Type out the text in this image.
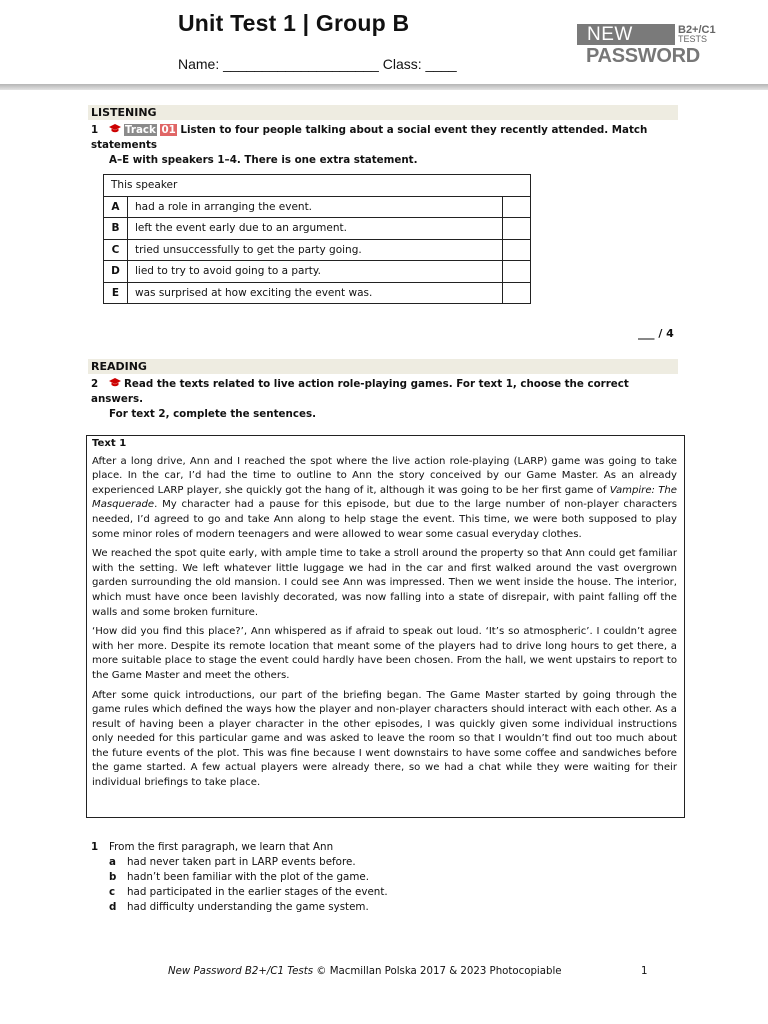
Unit Test 1 | Group B
Name: ____________________ Class: ____
NEW	B2+/C1
TESTS
PASSWORD
LISTENING
1	Track 01 Listen to four people talking about a social event they recently attended. Match statements
A–E with speakers 1–4. There is one extra statement.
This speaker		
A	had a role in arranging the event.	
B	left the event early due to an argument.	
C	tried unsuccessfully to get the party going.	
D	lied to try to avoid going to a party.	
E	was surprised at how exciting the event was.	
___ / 4
READING
2	Read the texts related to live action role-playing games. For text 1, choose the correct answers.
For text 2, complete the sentences.
Text 1

After a long drive, Ann and I reached the spot where the live action role-playing (LARP) game was going to take place. In the car, I’d had the time to outline to Ann the story conceived by our Game Master. As an already experienced LARP player, she quickly got the hang of it, although it was going to be her first game of Vampire: The Masquerade. My character had a pause for this episode, but due to the large number of non-player characters needed, I’d agreed to go and take Ann along to help stage the event. This time, we were both supposed to play some minor roles of modern teenagers and were allowed to wear some casual everyday clothes.

We reached the spot quite early, with ample time to take a stroll around the property so that Ann could get familiar with the setting. We left whatever little luggage we had in the car and first walked around the vast overgrown garden surrounding the old mansion. I could see Ann was impressed. Then we went inside the house. The interior, which must have once been lavishly decorated, was now falling into a state of disrepair, with paint falling off the walls and some broken furniture.

‘How did you find this place?’, Ann whispered as if afraid to speak out loud. ‘It’s so atmospheric’. I couldn’t agree with her more. Despite its remote location that meant some of the players had to drive long hours to get there, a more suitable place to stage the event could hardly have been chosen. From the hall, we went upstairs to report to the Game Master and meet the others.

After some quick introductions, our part of the briefing began. The Game Master started by going through the game rules which defined the ways how the player and non-player characters should interact with each other. As a result of having been a player character in the other episodes, I was quickly given some individual instructions only needed for this particular game and was asked to leave the room so that I wouldn’t find out too much about the future events of the plot. This was fine because I went downstairs to have some coffee and sandwiches before the game started. A few actual players were already there, so we had a chat while they were waiting for their individual briefings to take place.

1 From the first paragraph, we learn that Ann
a had never taken part in LARP events before.
b hadn’t been familiar with the plot of the game.
c had participated in the earlier stages of the event.
d had difficulty understanding the game system.
New Password B2+/C1 Tests © Macmillan Polska 2017 & 2023 Photocopiable	1
